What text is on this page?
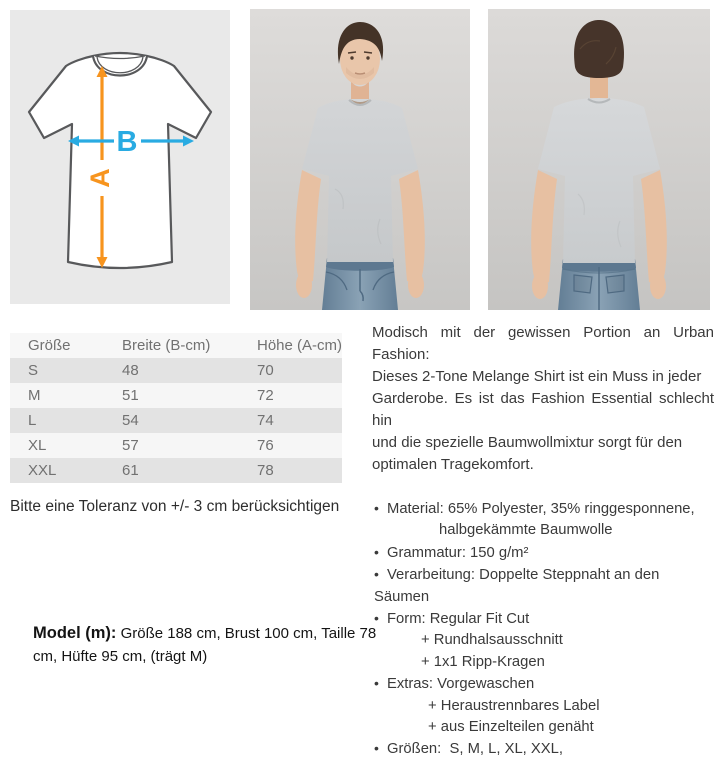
A
B
Größe	Breite (B-cm)	Höhe (A-cm)
S	48	70
M	51	72
L	54	74
XL	57	76
XXL	61	78
Bitte eine Toleranz von +/- 3 cm berücksichtigen
Model (m): Größe 188 cm, Brust 100 cm, Taille 78 cm, Hüfte 95 cm, (trägt M)
Modisch mit der gewissen Portion an Urban Fashion:
Dieses 2-Tone Melange Shirt ist ein Muss in jeder
Garderobe. Es ist das Fashion Essential schlecht hin
und die spezielle Baumwollmixtur sorgt für den
optimalen Tragekomfort.
• Material: 65% Polyester, 35% ringgesponnene,
halbgekämmte Baumwolle
• Grammatur: 150 g/m²
• Verarbeitung: Doppelte Steppnaht an den Säumen
• Form: Regular Fit Cut
+ Rundhalsausschnitt
+ 1x1 Ripp-Kragen
• Extras: Vorgewaschen
+ Heraustrennbares Label
+ aus Einzelteilen genäht
• Größen:  S, M, L, XL, XXL,
